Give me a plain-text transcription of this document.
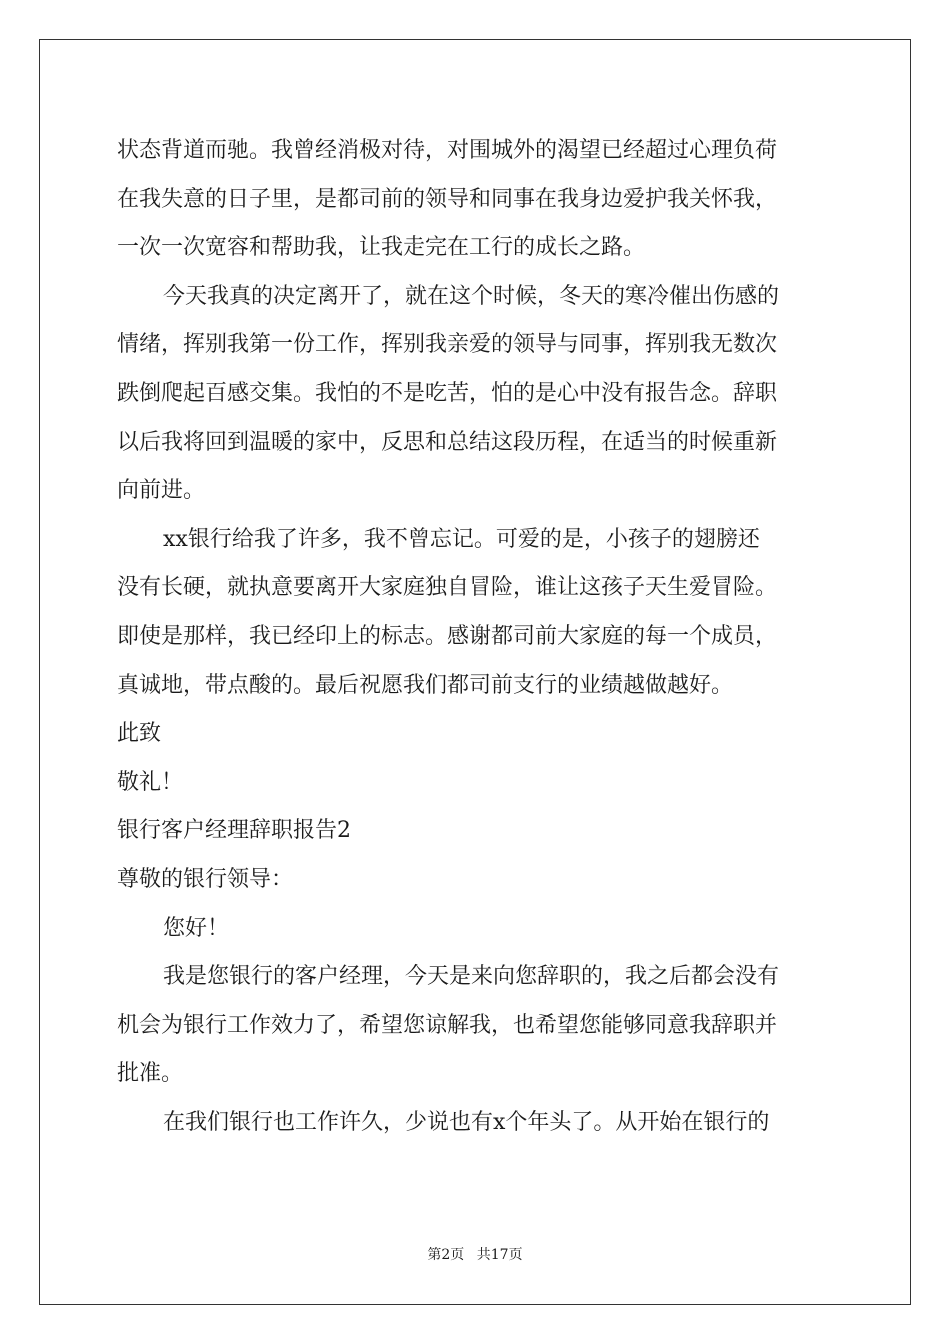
状态背道而驰。我曾经消极对待，对围城外的渴望已经超过心理负荷
在我失意的日子里，是都司前的领导和同事在我身边爱护我关怀我，
一次一次宽容和帮助我，让我走完在工行的成长之路。
今天我真的决定离开了，就在这个时候，冬天的寒冷催出伤感的
情绪，挥别我第一份工作，挥别我亲爱的领导与同事，挥别我无数次
跌倒爬起百感交集。我怕的不是吃苦，怕的是心中没有报告念。辞职
以后我将回到温暖的家中，反思和总结这段历程，在适当的时候重新
向前进。
xx银行给我了许多，我不曾忘记。可爱的是，小孩子的翅膀还
没有长硬，就执意要离开大家庭独自冒险，谁让这孩子天生爱冒险。
即使是那样，我已经印上的标志。感谢都司前大家庭的每一个成员，
真诚地，带点酸的。最后祝愿我们都司前支行的业绩越做越好。
此致
敬礼！
银行客户经理辞职报告2
尊敬的银行领导：
您好！
我是您银行的客户经理，今天是来向您辞职的，我之后都会没有
机会为银行工作效力了，希望您谅解我，也希望您能够同意我辞职并
批准。
在我们银行也工作许久，少说也有x个年头了。从开始在银行的
第2页 共17页
